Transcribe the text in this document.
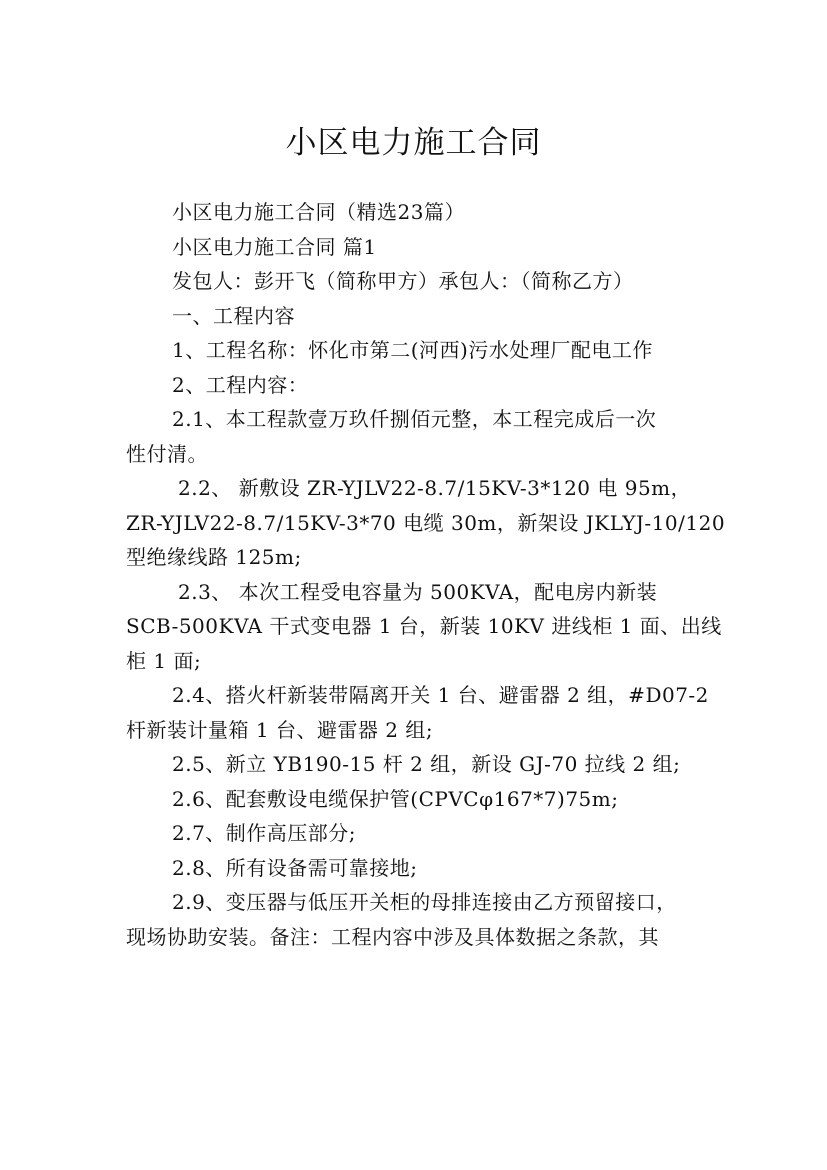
小区电力施工合同

小区电力施工合同（精选23篇）

小区电力施工合同 篇1

发包人：彭开飞（简称甲方）承包人：（简称乙方）

一、工程内容

1、工程名称：怀化市第二(河西)污水处理厂配电工作

2、工程内容：

2.1、本工程款壹万玖仟捌佰元整，本工程完成后一次
性付清。
2.2、 新敷设 ZR-YJLV22-8.7/15KV-3*120 电 95m，
ZR-YJLV22-8.7/15KV-3*70 电缆 30m，新架设 JKLYJ-10/120
型绝缘线路 125m;
2.3、 本次工程受电容量为 500KVA，配电房内新装
SCB-500KVA 干式变电器 1 台，新装 10KV 进线柜 1 面、出线
柜 1 面;
2.4、搭火杆新装带隔离开关 1 台、避雷器 2 组，#D07-2
杆新装计量箱 1 台、避雷器 2 组;

2.5、新立 YB190-15 杆 2 组，新设 GJ-70 拉线 2 组;

2.6、配套敷设电缆保护管(CPVCφ167*7)75m;

2.7、制作高压部分;

2.8、所有设备需可靠接地;

2.9、变压器与低压开关柜的母排连接由乙方预留接口，
现场协助安装。备注：工程内容中涉及具体数据之条款，其
